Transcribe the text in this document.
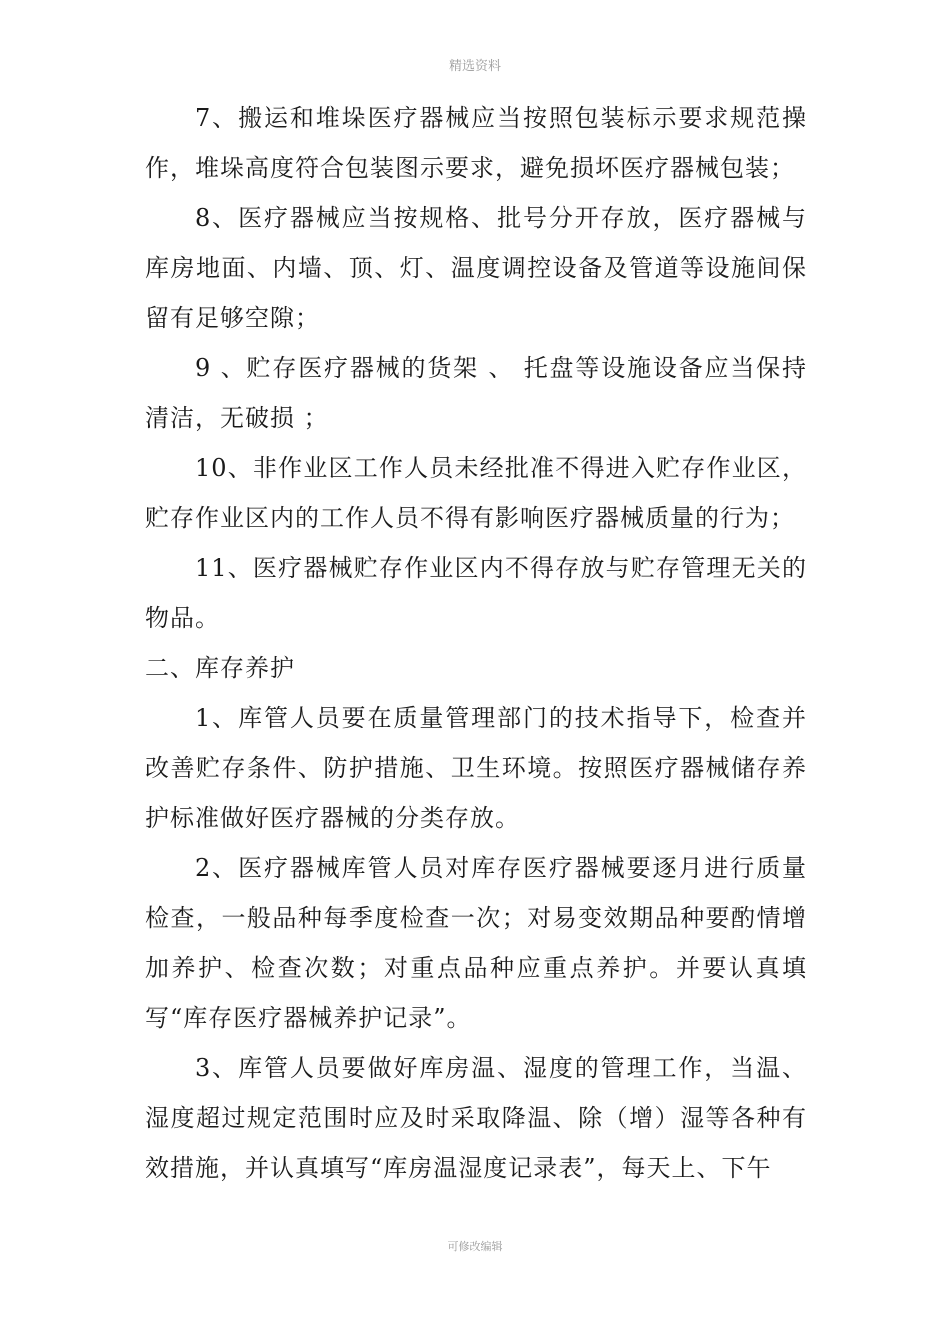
精选资料

7、搬运和堆垛医疗器械应当按照包装标示要求规范操作，堆垛高度符合包装图示要求，避免损坏医疗器械包装；

8、医疗器械应当按规格、批号分开存放，医疗器械与库房地面、内墙、顶、灯、温度调控设备及管道等设施间保留有足够空隙；

9 、贮存医疗器械的货架 、 托盘等设施设备应当保持清洁，无破损 ；

10、非作业区工作人员未经批准不得进入贮存作业区，贮存作业区内的工作人员不得有影响医疗器械质量的行为；

11、医疗器械贮存作业区内不得存放与贮存管理无关的物品。

二、库存养护

1、库管人员要在质量管理部门的技术指导下，检查并改善贮存条件、防护措施、卫生环境。按照医疗器械储存养护标准做好医疗器械的分类存放。

2、医疗器械库管人员对库存医疗器械要逐月进行质量检查，一般品种每季度检查一次；对易变效期品种要酌情增加养护、检查次数；对重点品种应重点养护。并要认真填写“库存医疗器械养护记录”。

3、库管人员要做好库房温、湿度的管理工作，当温、湿度超过规定范围时应及时采取降温、除（增）湿等各种有效措施，并认真填写“库房温湿度记录表”，每天上、下午

可修改编辑
